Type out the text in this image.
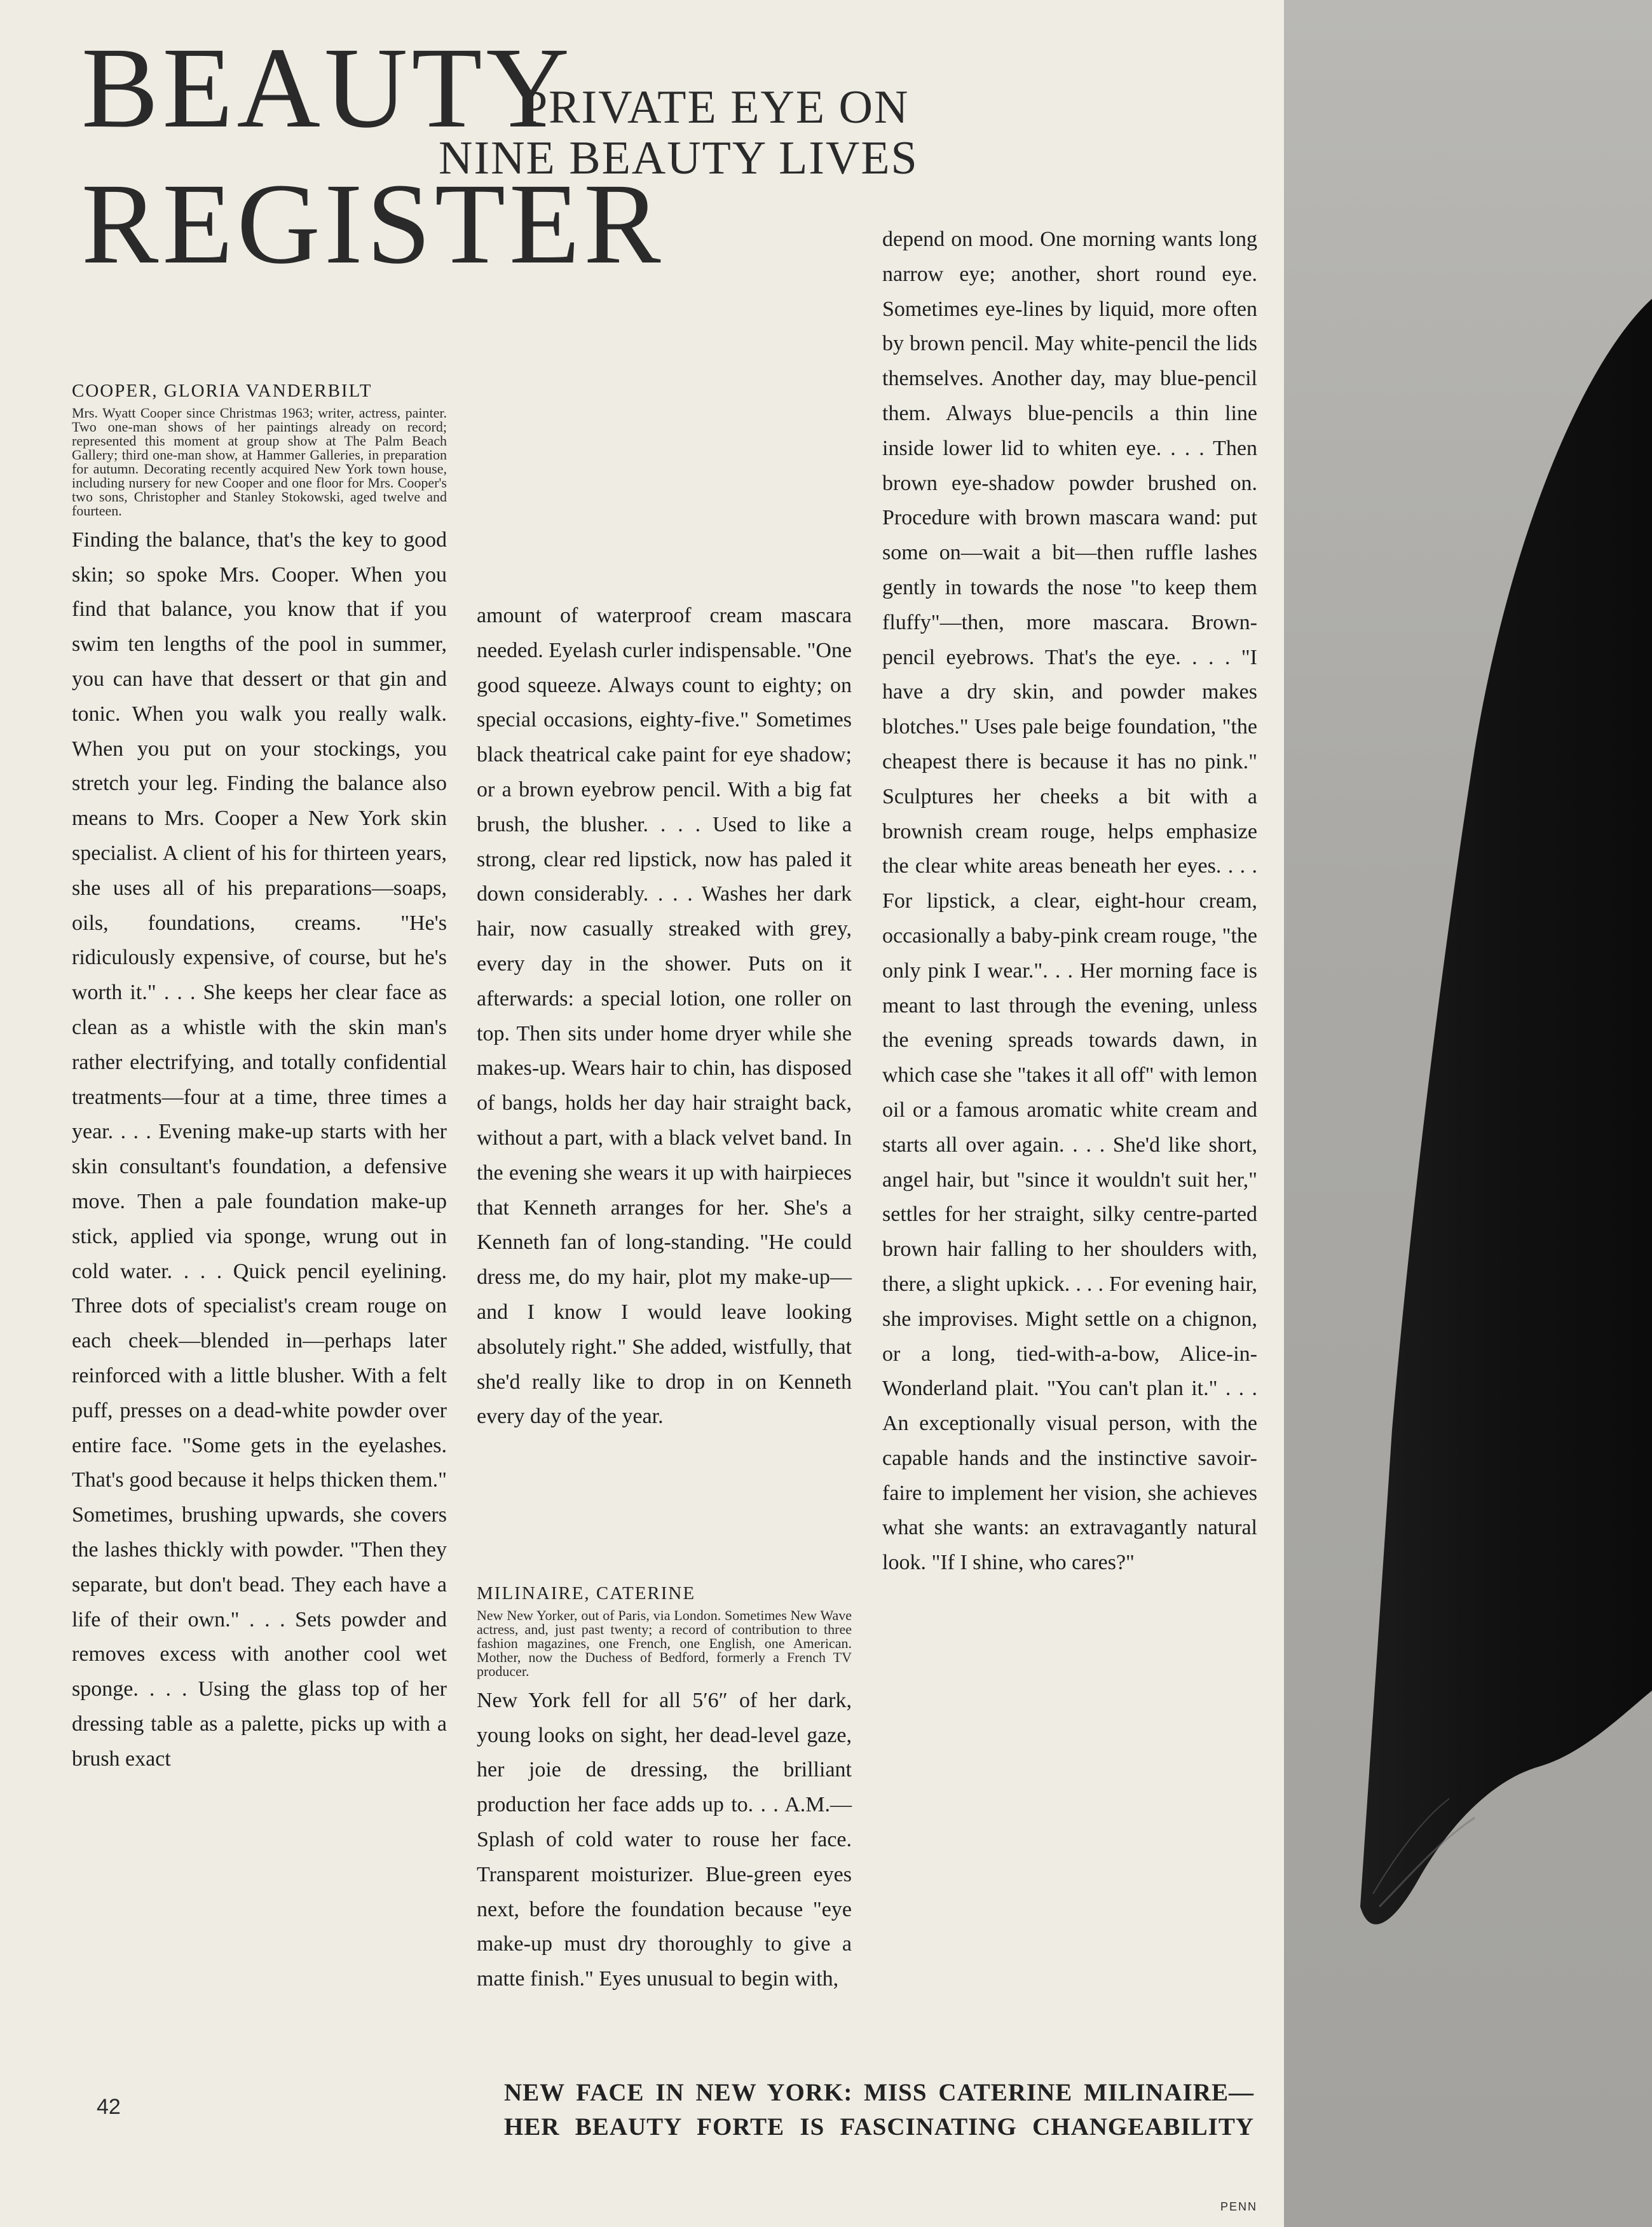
BEAUTY
PRIVATE EYE ON
NINE BEAUTY LIVES
REGISTER
COOPER, GLORIA VANDERBILT

Mrs. Wyatt Cooper since Christmas 1963; writer, actress, painter. Two one-man shows of her paintings already on record; represented this moment at group show at The Palm Beach Gallery; third one-man show, at Hammer Galleries, in preparation for autumn. Decorating recently acquired New York town house, including nursery for new Cooper and one floor for Mrs. Cooper's two sons, Christopher and Stanley Stokowski, aged twelve and fourteen.

Finding the balance, that's the key to good skin; so spoke Mrs. Cooper. When you find that balance, you know that if you swim ten lengths of the pool in summer, you can have that dessert or that gin and tonic. When you walk you really walk. When you put on your stockings, you stretch your leg. Finding the balance also means to Mrs. Cooper a New York skin specialist. A client of his for thirteen years, she uses all of his preparations—soaps, oils, foundations, creams. "He's ridiculously expensive, of course, but he's worth it." . . . She keeps her clear face as clean as a whistle with the skin man's rather electrifying, and totally confidential treatments—four at a time, three times a year. . . . Evening make-up starts with her skin consultant's foundation, a defensive move. Then a pale foundation make-up stick, applied via sponge, wrung out in cold water. . . . Quick pencil eyelining. Three dots of specialist's cream rouge on each cheek—blended in—perhaps later reinforced with a little blusher. With a felt puff, presses on a dead-white powder over entire face. "Some gets in the eyelashes. That's good because it helps thicken them." Sometimes, brushing upwards, she covers the lashes thickly with powder. "Then they separate, but don't bead. They each have a life of their own." . . . Sets powder and removes excess with another cool wet sponge. . . . Using the glass top of her dressing table as a palette, picks up with a brush exact

amount of waterproof cream mascara needed. Eyelash curler indispensable. "One good squeeze. Always count to eighty; on special occasions, eighty-five." Sometimes black theatrical cake paint for eye shadow; or a brown eyebrow pencil. With a big fat brush, the blusher. . . . Used to like a strong, clear red lipstick, now has paled it down considerably. . . . Washes her dark hair, now casually streaked with grey, every day in the shower. Puts on it afterwards: a special lotion, one roller on top. Then sits under home dryer while she makes-up. Wears hair to chin, has disposed of bangs, holds her day hair straight back, without a part, with a black velvet band. In the evening she wears it up with hairpieces that Kenneth arranges for her. She's a Kenneth fan of long-standing. "He could dress me, do my hair, plot my make-up—and I know I would leave looking absolutely right." She added, wistfully, that she'd really like to drop in on Kenneth every day of the year.

MILINAIRE, CATERINE

New New Yorker, out of Paris, via London. Sometimes New Wave actress, and, just past twenty; a record of contribution to three fashion magazines, one French, one English, one American. Mother, now the Duchess of Bedford, formerly a French TV producer.

New York fell for all 5′6″ of her dark, young looks on sight, her dead-level gaze, her joie de dressing, the brilliant production her face adds up to. . . A.M.—Splash of cold water to rouse her face. Transparent moisturizer. Blue-green eyes next, before the foundation because "eye make-up must dry thoroughly to give a matte finish." Eyes unusual to begin with,

depend on mood. One morning wants long narrow eye; another, short round eye. Sometimes eye-lines by liquid, more often by brown pencil. May white-pencil the lids themselves. Another day, may blue-pencil them. Always blue-pencils a thin line inside lower lid to whiten eye. . . . Then brown eye-shadow powder brushed on. Procedure with brown mascara wand: put some on—wait a bit—then ruffle lashes gently in towards the nose "to keep them fluffy"—then, more mascara. Brown-pencil eyebrows. That's the eye. . . . "I have a dry skin, and powder makes blotches." Uses pale beige foundation, "the cheapest there is because it has no pink." Sculptures her cheeks a bit with a brownish cream rouge, helps emphasize the clear white areas beneath her eyes. . . . For lipstick, a clear, eight-hour cream, occasionally a baby-pink cream rouge, "the only pink I wear.". . . Her morning face is meant to last through the evening, unless the evening spreads towards dawn, in which case she "takes it all off" with lemon oil or a famous aromatic white cream and starts all over again. . . . She'd like short, angel hair, but "since it wouldn't suit her," settles for her straight, silky centre-parted brown hair falling to her shoulders with, there, a slight upkick. . . . For evening hair, she improvises. Might settle on a chignon, or a long, tied-with-a-bow, Alice-in-Wonderland plait. "You can't plan it." . . . An exceptionally visual person, with the capable hands and the instinctive savoir-faire to implement her vision, she achieves what she wants: an extravagantly natural look. "If I shine, who cares?"

42

NEW FACE IN NEW YORK: MISS CATERINE MILINAIRE—
HER BEAUTY FORTE IS FASCINATING CHANGEABILITY

PENN
